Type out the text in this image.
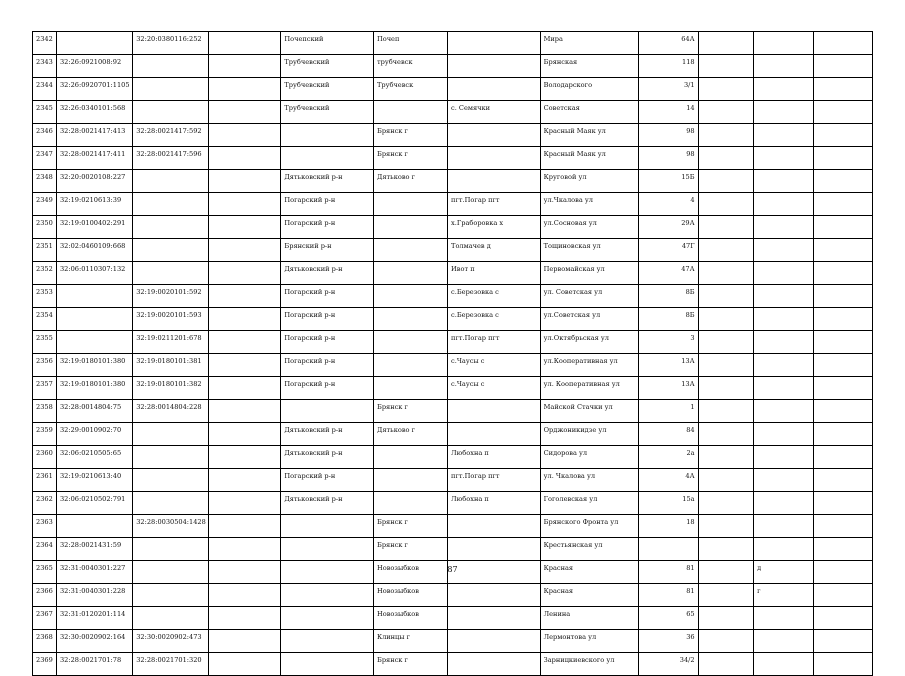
2342		32:20:0380116:252		Почепский	Почеп		Мира	64А			
2343	32:26:0921008:92			Трубчевский	трубчевск		Брянская	118			
2344	32:26:0920701:1105			Трубчевский	Трубчевск		Володарского	3/1			
2345	32:26:0340101:568			Трубчевский		с. Семячки	Советская	14			
2346	32:28:0021417:413	32:28:0021417:592			Брянск г		Красный Маяк ул	98			
2347	32:28:0021417:411	32:28:0021417:596			Брянск г		Красный Маяк ул	98			
2348	32:20:0020108:227			Дятьковский р-н	Дятьково г		Круговой ул	15Б			
2349	32:19:0210613:39			Погарский р-н		пгт.Погар пгт	ул.Чкалова ул	4			
2350	32:19:0100402:291			Погарский р-н		х.Граборовка х	ул.Сосновая ул	29А			
2351	32:02:0460109:668			Брянский р-н		Толмачев д	Тощиновская ул	47Г			
2352	32:06:0110307:132			Дятьковский р-н		Ивот п	Первомайская ул	47А			
2353		32:19:0020101:592		Погарский р-н		с.Березовка с	ул. Советская ул	8Б			
2354		32:19:0020101:593		Погарский р-н		с.Березовка с	ул.Советская ул	8Б			
2355		32:19:0211201:678		Погарский р-н		пгт.Погар пгт	ул.Октябрьская ул	3			
2356	32:19:0180101:380	32:19:0180101:381		Погарский р-н		с.Чаусы с	ул.Кооперативная ул	13А			
2357	32:19:0180101:380	32:19:0180101:382		Погарский р-н		с.Чаусы с	ул. Кооперативная ул	13А			
2358	32:28:0014804:75	32:28:0014804:228			Брянск г		Майской Стачки ул	1			
2359	32:29:0010902:70			Дятьковский р-н	Дятьково г		Орджоникидзе ул	84			
2360	32:06:0210505:65			Дятьковский р-н		Любохна п	Сидорова ул	2а			
2361	32:19:0210613:40			Погарский р-н		пгт.Погар пгт	ул. Чкалова ул	4А			
2362	32:06:0210502:791			Дятьковский р-н		Любохна п	Гоголевская ул	15а			
2363		32:28:0030504:1428			Брянск г		Брянского Фронта ул	18			
2364	32:28:0021431:59				Брянск г		Крестьянская ул				
2365	32:31:0040301:227				Новозыбков		Красная	81		д	
2366	32:31:0040301:228				Новозыбков		Красная	81		г	
2367	32:31:0120201:114				Новозыбков		Ленина	65			
2368	32:30:0020902:164	32:30:0020902:473			Клинцы г		Лермонтова ул	36			
2369	32:28:0021701:78	32:28:0021701:320			Брянск г		Зарницкиевского ул	34/2			
87
